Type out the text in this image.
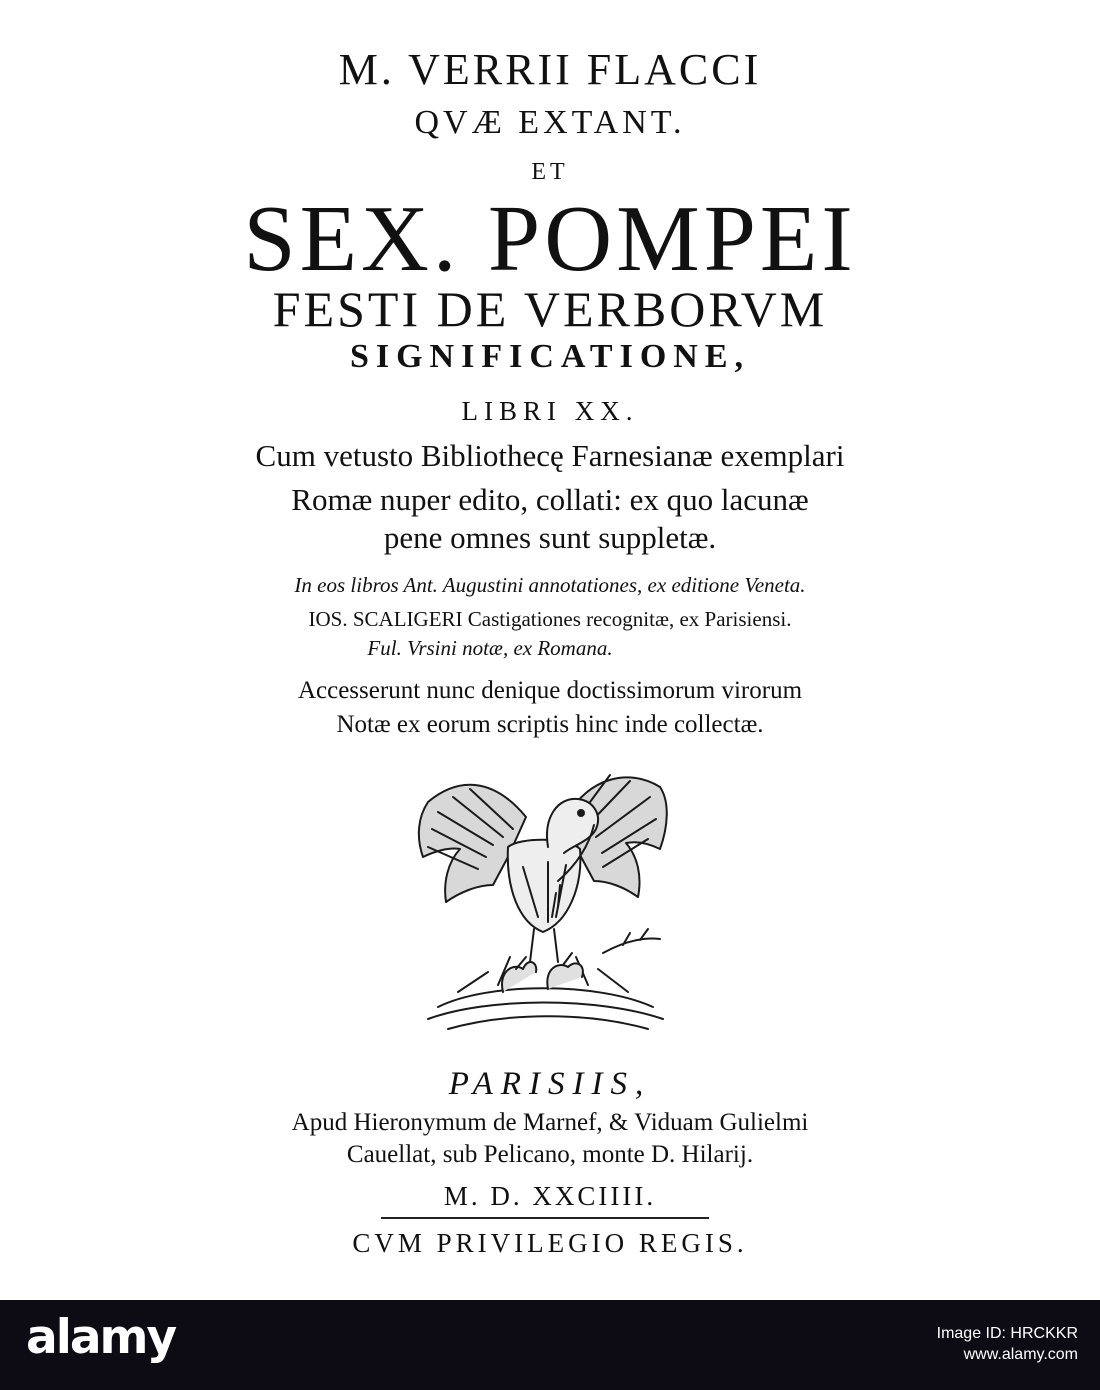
M. VERRII FLACCI

QVÆ EXTANT.

ET

SEX. POMPEI

FESTI DE VERBORVM

SIGNIFICATIONE,

LIBRI XX.

Cum vetusto Bibliothecę Farnesianæ exemplari

Romæ nuper edito, collati: ex quo lacunæ

pene omnes sunt suppletæ.

In eos libros Ant. Augustini annotationes, ex editione Veneta.

IOS. SCALIGERI Castigationes recognitæ, ex Parisiensi.

Ful. Vrsini notæ, ex Romana.

Accesserunt nunc denique doctissimorum virorum

Notæ ex eorum scriptis hinc inde collectæ.

PARISIIS,

Apud Hieronymum de Marnef, & Viduam Gulielmi

Cauellat, sub Pelicano, monte D. Hilarij.

M. D. XXCIIII.

CVM PRIVILEGIO REGIS.

alamy	Image ID: HRCKKR
www.alamy.com
